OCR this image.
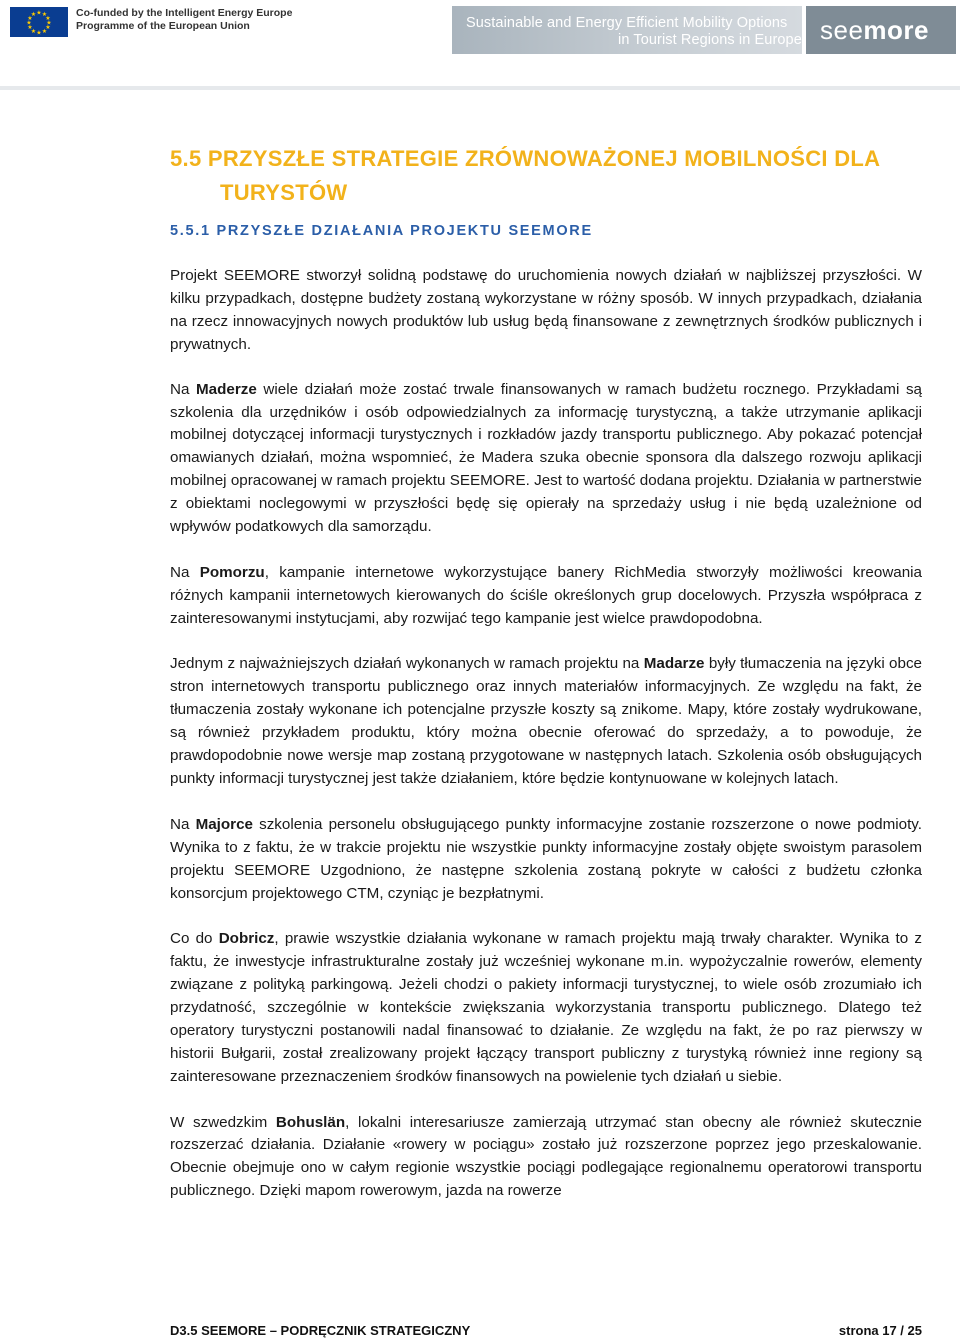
★ ★
★
★
★
★
★
★
★
★
★
★	Co-funded by the Intelligent Energy Europe
Programme of the European Union	Sustainable and Energy Efficient Mobility Options
in Tourist Regions in Europe seemore
5.5 PRZYSZŁE STRATEGIE ZRÓWNOWAŻONEJ MOBILNOŚCI DLA
TURYSTÓW
5.5.1 PRZYSZŁE DZIAŁANIA PROJEKTU SEEMORE

Projekt SEEMORE stworzył solidną podstawę do uruchomienia nowych działań w najbliższej przyszłości. W kilku przypadkach, dostępne budżety zostaną wykorzystane w różny sposób. W innych przypadkach, działania na rzecz innowacyjnych nowych produktów lub usług będą finansowane z zewnętrznych środków publicznych i prywatnych.

Na Maderze wiele działań może zostać trwale finansowanych w ramach budżetu rocznego. Przykładami są szkolenia dla urzędników i osób odpowiedzialnych za informację turystyczną, a także utrzymanie aplikacji mobilnej dotyczącej informacji turystycznych i rozkładów jazdy transportu publicznego. Aby pokazać potencjał omawianych działań, można wspomnieć, że Madera szuka obecnie sponsora dla dalszego rozwoju aplikacji mobilnej opracowanej w ramach projektu SEEMORE. Jest to wartość dodana projektu. Działania w partnerstwie z obiektami noclegowymi w przyszłości będę się opierały na sprzedaży usług i nie będą uzależnione od wpływów podatkowych dla samorządu.

Na Pomorzu, kampanie internetowe wykorzystujące banery RichMedia stworzyły możliwości kreowania różnych kampanii internetowych kierowanych do ściśle określonych grup docelowych. Przyszła współpraca z zainteresowanymi instytucjami, aby rozwijać tego kampanie jest wielce prawdopodobna.

Jednym z najważniejszych działań wykonanych w ramach projektu na Madarze były tłumaczenia na języki obce stron internetowych transportu publicznego oraz innych materiałów informacyjnych. Ze względu na fakt, że tłumaczenia zostały wykonane ich potencjalne przyszłe koszty są znikome. Mapy, które zostały wydrukowane, są również przykładem produktu, który można obecnie oferować do sprzedaży, a to powoduje, że prawdopodobnie nowe wersje map zostaną przygotowane w następnych latach. Szkolenia osób obsługujących punkty informacji turystycznej jest także działaniem, które będzie kontynuowane w kolejnych latach.

Na Majorce szkolenia personelu obsługującego punkty informacyjne zostanie rozszerzone o nowe podmioty. Wynika to z faktu, że w trakcie projektu nie wszystkie punkty informacyjne zostały objęte swoistym parasolem projektu SEEMORE Uzgodniono, że następne szkolenia zostaną pokryte w całości z budżetu członka konsorcjum projektowego CTM, czyniąc je bezpłatnymi.

Co do Dobricz, prawie wszystkie działania wykonane w ramach projektu mają trwały charakter. Wynika to z faktu, że inwestycje infrastrukturalne zostały już wcześniej wykonane m.in. wypożyczalnie rowerów, elementy związane z polityką parkingową. Jeżeli chodzi o pakiety informacji turystycznej, to wiele osób zrozumiało ich przydatność, szczególnie w kontekście zwiększania wykorzystania transportu publicznego. Dlatego też operatory turystyczni postanowili nadal finansować to działanie. Ze względu na fakt, że po raz pierwszy w historii Bułgarii, został zrealizowany projekt łączący transport publiczny z turystyką również inne regiony są zainteresowane przeznaczeniem środków finansowych na powielenie tych działań u siebie.

W szwedzkim Bohuslän, lokalni interesariusze zamierzają utrzymać stan obecny ale również skutecznie rozszerzać działania. Działanie «rowery w pociągu» zostało już rozszerzone poprzez jego przeskalowanie. Obecnie obejmuje ono w całym regionie wszystkie pociągi podlegające regionalnemu operatorowi transportu publicznego. Dzięki mapom rowerowym, jazda na rowerze

D3.5 SEEMORE – PODRĘCZNIK STRATEGICZNY	strona 17 / 25
